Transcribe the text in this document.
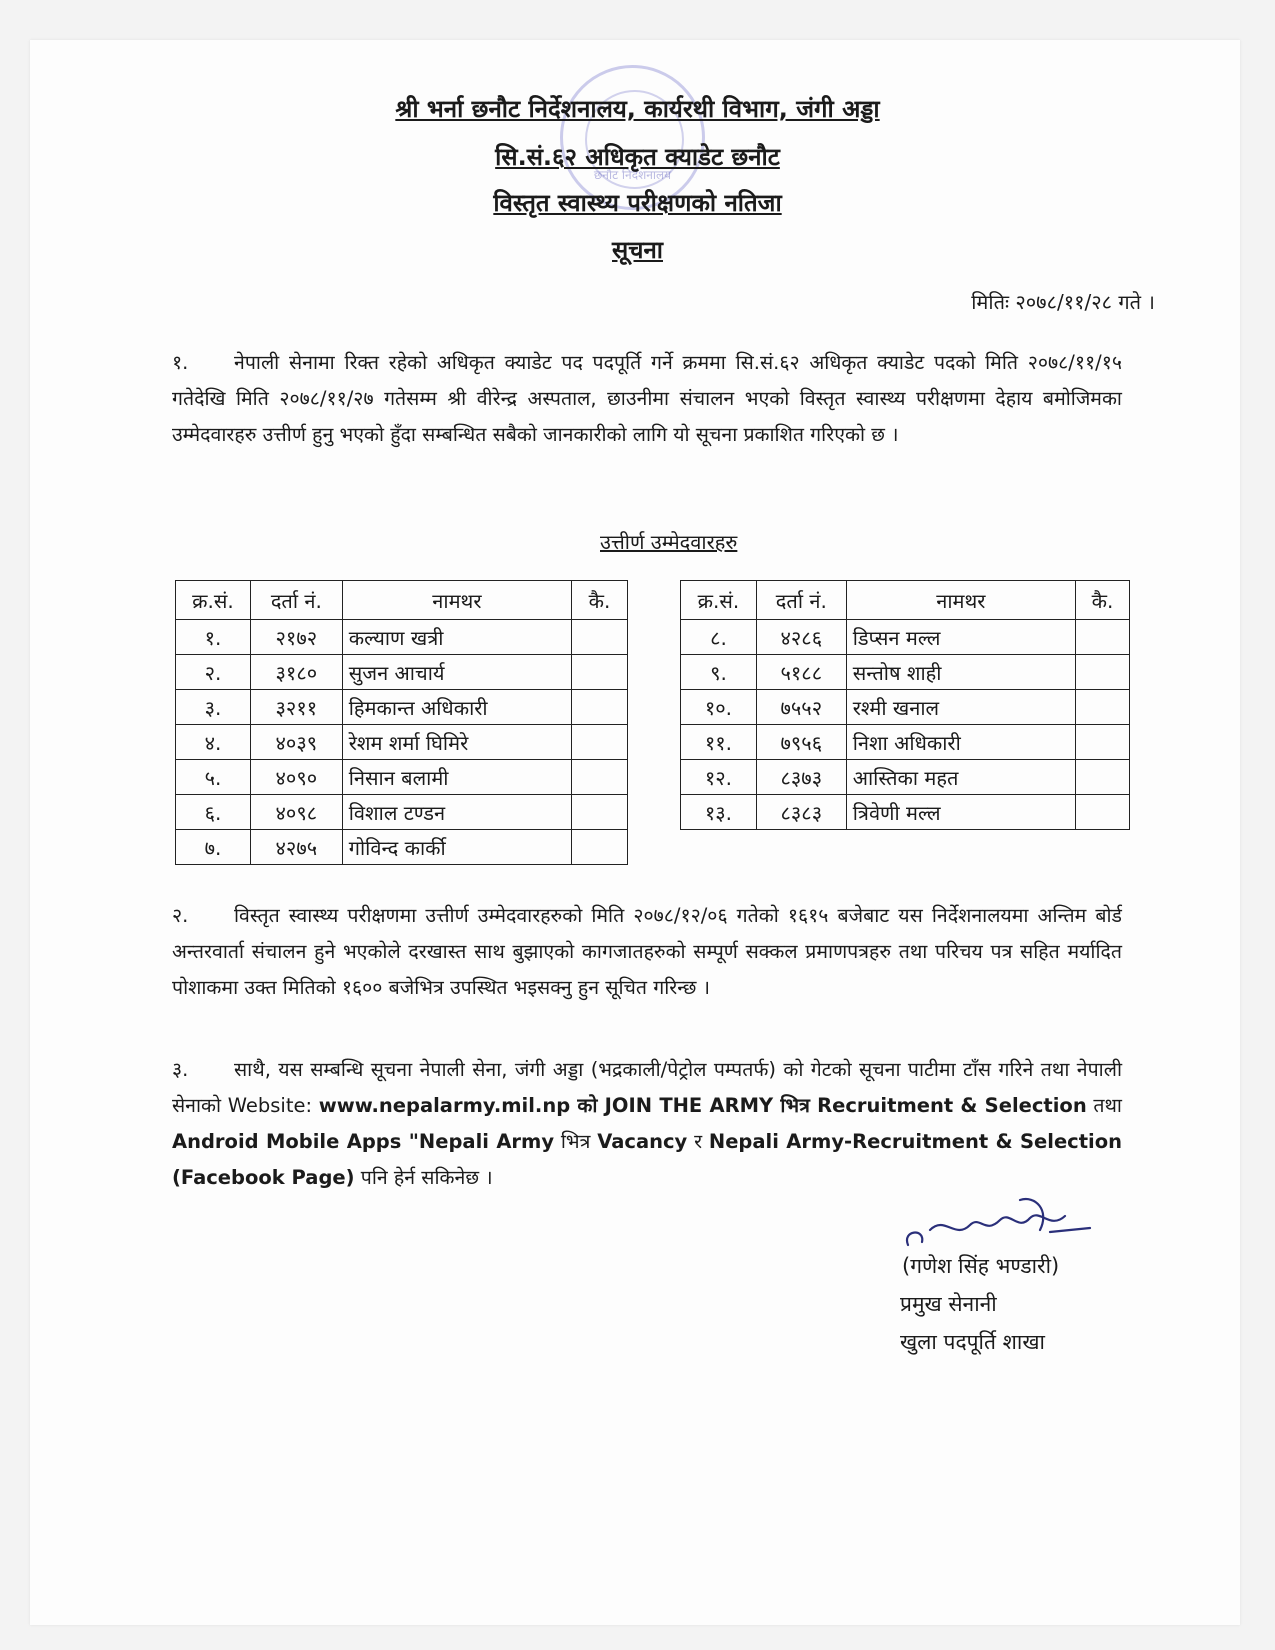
छनौट निर्देशनालय
श्री भर्ना छनौट निर्देशनालय, कार्यरथी विभाग, जंगी अड्डा
सि.सं.६२ अधिकृत क्याडेट छनौट
विस्तृत स्वास्थ्य परीक्षणको नतिजा
सूचना
मितिः २०७८/११/२८ गते ।
१. नेपाली सेनामा रिक्त रहेको अधिकृत क्याडेट पद पदपूर्ति गर्ने क्रममा सि.सं.६२ अधिकृत क्याडेट पदको मिति २०७८/११/१५ गतेदेखि मिति २०७८/११/२७ गतेसम्म श्री वीरेन्द्र अस्पताल, छाउनीमा संचालन भएको विस्तृत स्वास्थ्य परीक्षणमा देहाय बमोजिमका उम्मेदवारहरु उत्तीर्ण हुनु भएको हुँदा सम्बन्धित सबैको जानकारीको लागि यो सूचना प्रकाशित गरिएको छ ।
उत्तीर्ण उम्मेदवारहरु
क्र.सं.	दर्ता नं.	नामथर	कै.
१.	२१७२	कल्याण खत्री	
२.	३१८०	सुजन आचार्य	
३.	३२११	हिमकान्त अधिकारी	
४.	४०३९	रेशम शर्मा घिमिरे	
५.	४०९०	निसान बलामी	
६.	४०९८	विशाल टण्डन	
७.	४२७५	गोविन्द कार्की	
क्र.सं.	दर्ता नं.	नामथर	कै.
८.	४२८६	डिप्सन मल्ल	
९.	५१८८	सन्तोष शाही	
१०.	७५५२	रश्मी खनाल	
११.	७९५६	निशा अधिकारी	
१२.	८३७३	आस्तिका महत	
१३.	८३८३	त्रिवेणी मल्ल	
२. विस्तृत स्वास्थ्य परीक्षणमा उत्तीर्ण उम्मेदवारहरुको मिति २०७८/१२/०६ गतेको १६१५ बजेबाट यस निर्देशनालयमा अन्तिम बोर्ड अन्तरवार्ता संचालन हुने भएकोले दरखास्त साथ बुझाएको कागजातहरुको सम्पूर्ण सक्कल प्रमाणपत्रहरु तथा परिचय पत्र सहित मर्यादित पोशाकमा उक्त मितिको १६०० बजेभित्र उपस्थित भइसक्नु हुन सूचित गरिन्छ ।
३. साथै, यस सम्बन्धि सूचना नेपाली सेना, जंगी अड्डा (भद्रकाली/पेट्रोल पम्पतर्फ) को गेटको सूचना पाटीमा टाँस गरिने तथा नेपाली सेनाको Website: www.nepalarmy.mil.np को JOIN THE ARMY भित्र Recruitment & Selection तथा Android Mobile Apps "Nepali Army भित्र Vacancy र Nepali Army-Recruitment & Selection (Facebook Page) पनि हेर्न सकिनेछ ।
(गणेश सिंह भण्डारी)
प्रमुख सेनानी
खुला पदपूर्ति शाखा
